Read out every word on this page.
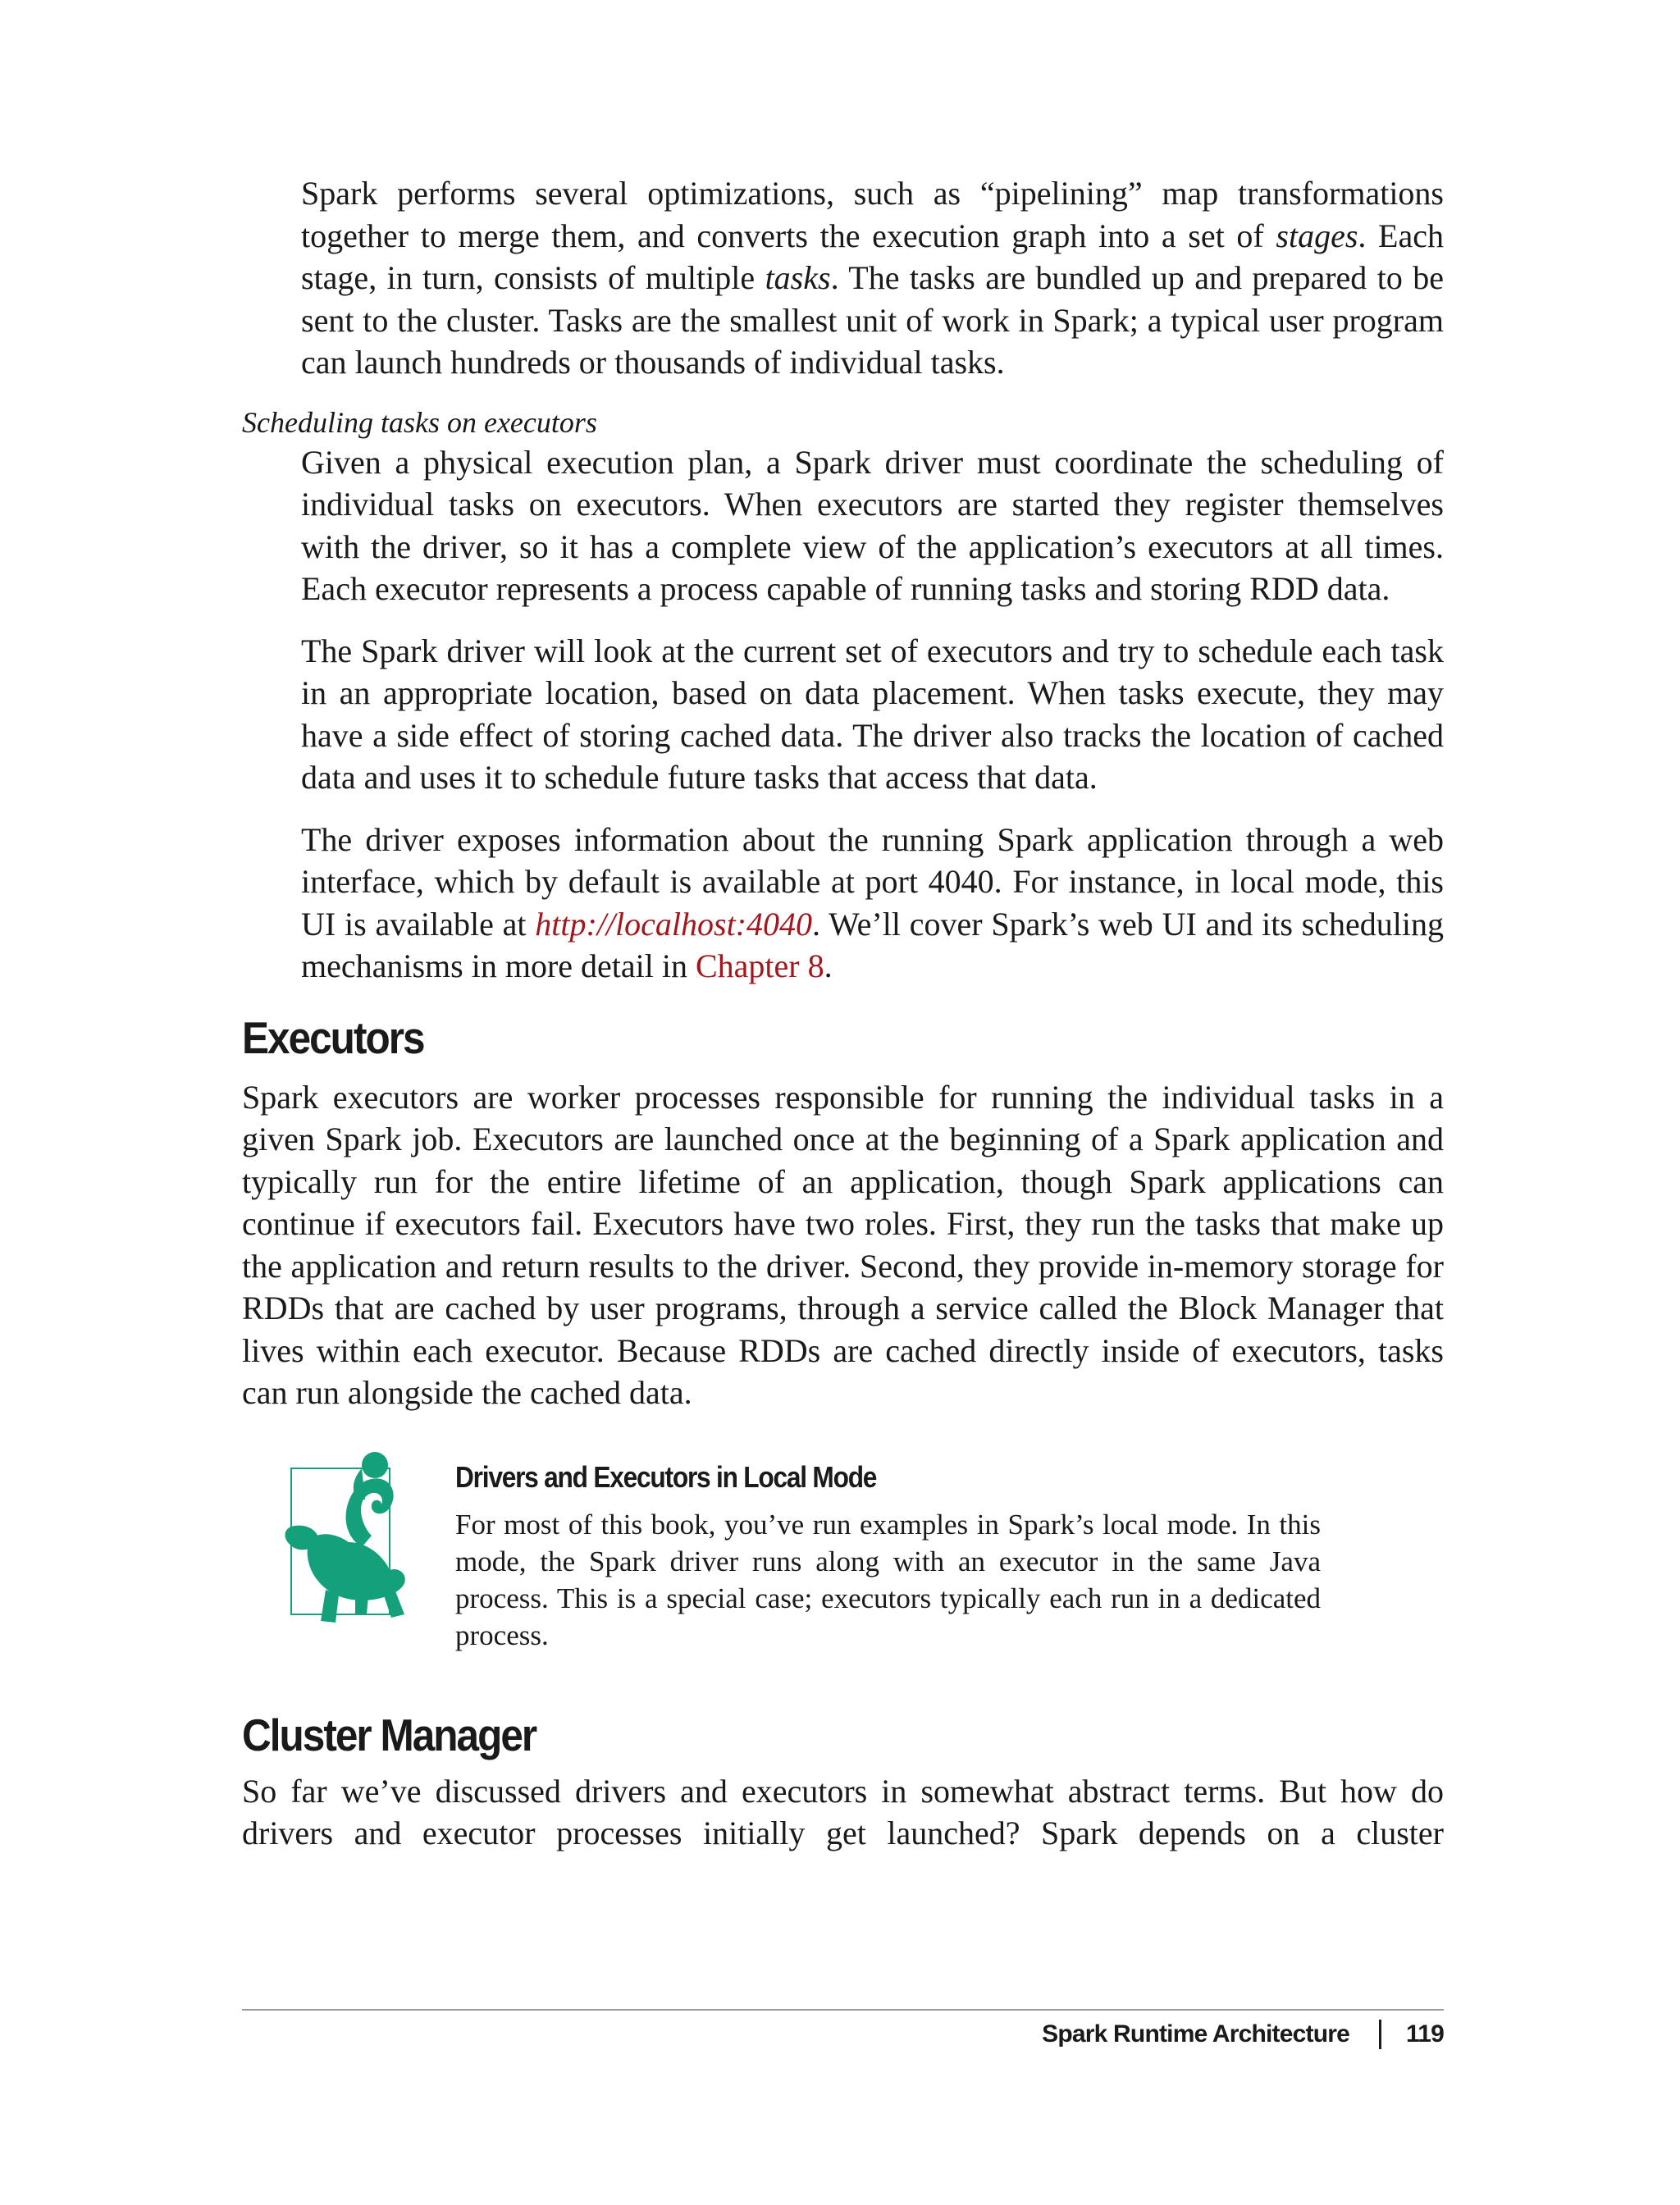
Spark performs several optimizations, such as “pipelining” map transformations together to merge them, and converts the execution graph into a set of stages. Each stage, in turn, consists of multiple tasks. The tasks are bundled up and prepared to be sent to the cluster. Tasks are the smallest unit of work in Spark; a typical user program can launch hundreds or thousands of individual tasks.

Scheduling tasks on executors

Given a physical execution plan, a Spark driver must coordinate the scheduling of individual tasks on executors. When executors are started they register themselves with the driver, so it has a complete view of the application’s executors at all times. Each executor represents a process capable of running tasks and storing RDD data.

The Spark driver will look at the current set of executors and try to schedule each task in an appropriate location, based on data placement. When tasks execute, they may have a side effect of storing cached data. The driver also tracks the location of cached data and uses it to schedule future tasks that access that data.

The driver exposes information about the running Spark application through a web interface, which by default is available at port 4040. For instance, in local mode, this UI is available at http://localhost:4040. We’ll cover Spark’s web UI and its scheduling mechanisms in more detail in Chapter 8.

Executors

Spark executors are worker processes responsible for running the individual tasks in a given Spark job. Executors are launched once at the beginning of a Spark application and typically run for the entire lifetime of an application, though Spark applications can continue if executors fail. Executors have two roles. First, they run the tasks that make up the application and return results to the driver. Second, they provide in-memory storage for RDDs that are cached by user programs, through a service called the Block Manager that lives within each executor. Because RDDs are cached directly inside of executors, tasks can run alongside the cached data.

Drivers and Executors in Local Mode

For most of this book, you’ve run examples in Spark’s local mode. In this mode, the Spark driver runs along with an executor in the same Java process. This is a special case; executors typically each run in a dedicated process.

Cluster Manager

So far we’ve discussed drivers and executors in somewhat abstract terms. But how do drivers and executor processes initially get launched? Spark depends on a cluster

Spark Runtime Architecture 119
